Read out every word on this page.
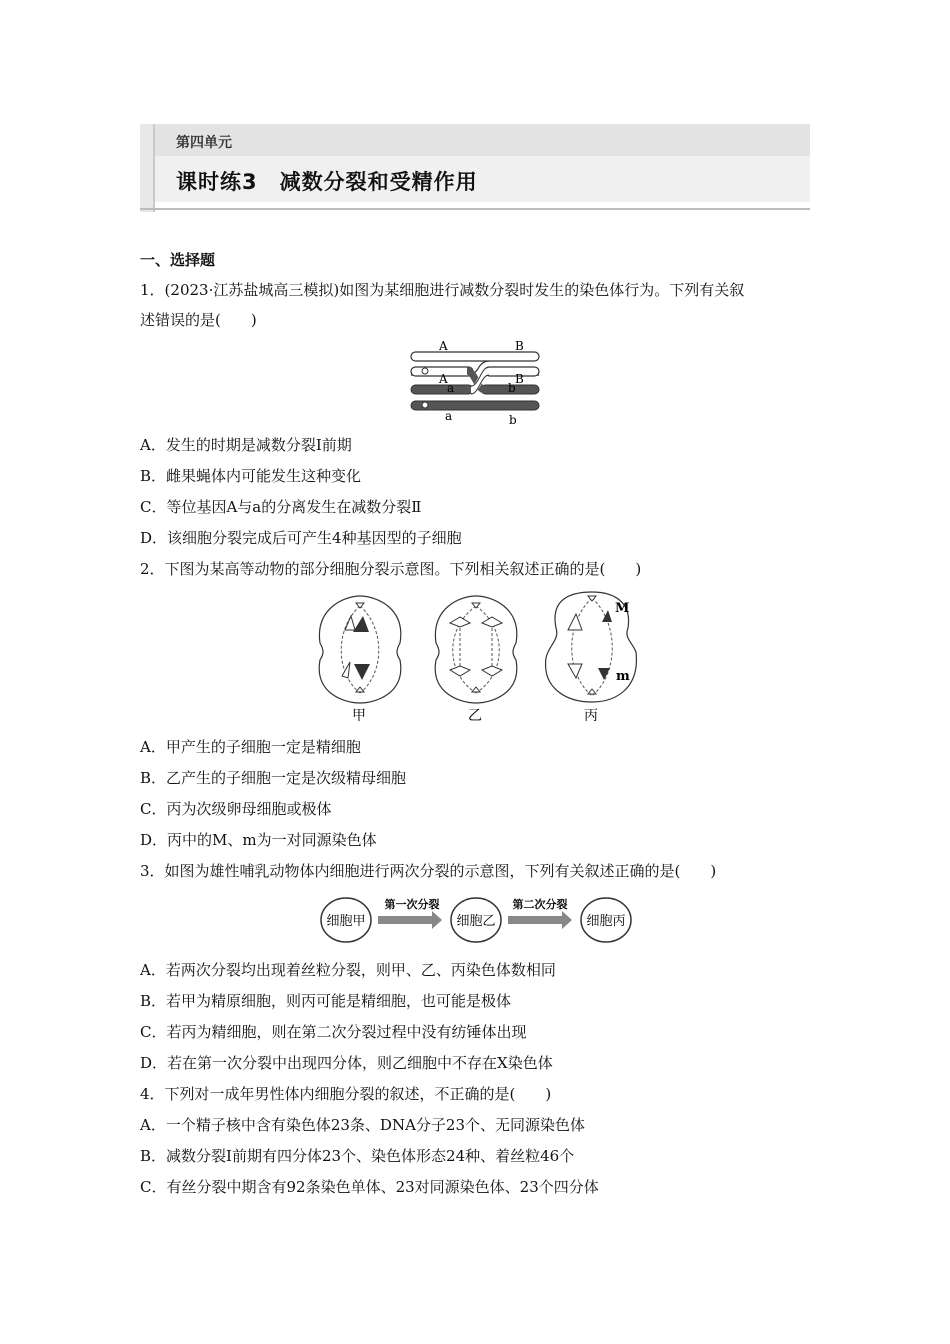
第四单元
课时练3 减数分裂和受精作用
一、选择题
1．(2023·江苏盐城高三模拟)如图为某细胞进行减数分裂时发生的染色体行为。下列有关叙
述错误的是(　　)
A	B
A
a
B
b
a	b
A．发生的时期是减数分裂Ⅰ前期
B．雌果蝇体内可能发生这种变化
C．等位基因A与a的分离发生在减数分裂Ⅱ
D．该细胞分裂完成后可产生4种基因型的子细胞
2．下图为某高等动物的部分细胞分裂示意图。下列相关叙述正确的是(　　)
甲	乙
M
m
丙
A．甲产生的子细胞一定是精细胞
B．乙产生的子细胞一定是次级精母细胞
C．丙为次级卵母细胞或极体
D．丙中的M、m为一对同源染色体
3．如图为雄性哺乳动物体内细胞进行两次分裂的示意图，下列有关叙述正确的是(　　)
细胞甲
第一次分裂
细胞乙
第二次分裂
细胞丙
A．若两次分裂均出现着丝粒分裂，则甲、乙、丙染色体数相同
B．若甲为精原细胞，则丙可能是精细胞，也可能是极体
C．若丙为精细胞，则在第二次分裂过程中没有纺锤体出现
D．若在第一次分裂中出现四分体，则乙细胞中不存在X染色体
4．下列对一成年男性体内细胞分裂的叙述，不正确的是(　　)
A．一个精子核中含有染色体23条、DNA分子23个、无同源染色体
B．减数分裂Ⅰ前期有四分体23个、染色体形态24种、着丝粒46个
C．有丝分裂中期含有92条染色单体、23对同源染色体、23个四分体
